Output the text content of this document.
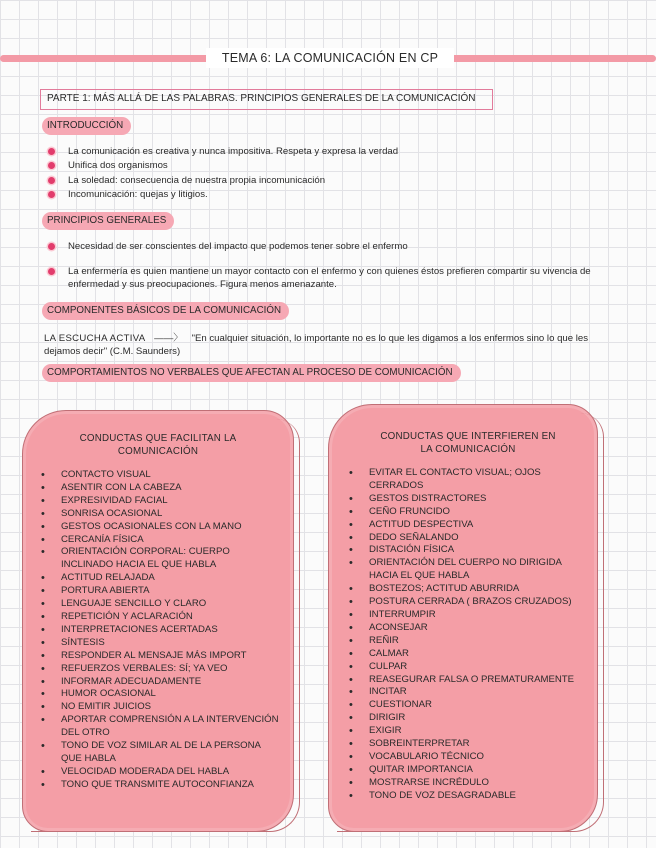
TEMA 6: LA COMUNICACIÓN EN CP
PARTE 1: MÁS ALLÁ DE LAS PALABRAS. PRINCIPIOS GENERALES DE LA COMUNICACIÓN
INTRODUCCIÓN
La comunicación es creativa y nunca impositiva. Respeta y expresa la verdad
Unifica dos organismos
La soledad: consecuencia de nuestra propia incomunicación
Incomunicación: quejas y litigios.
PRINCIPIOS GENERALES
Necesidad de ser conscientes del impacto que podemos tener sobre el enfermo
La enfermería es quien mantiene un mayor contacto con el enfermo y con quienes éstos prefieren compartir su vivencia de enfermedad y sus preocupaciones. Figura menos amenazante.
COMPONENTES BÁSICOS DE LA COMUNICACIÓN
LA ESCUCHA ACTIVA ——〉 "En cualquier situación, lo importante no es lo que les digamos a los enfermos sino lo que les dejamos decir" (C.M. Saunders)
COMPORTAMIENTOS NO VERBALES QUE AFECTAN AL PROCESO DE COMUNICACIÓN
CONDUCTAS QUE FACILITAN LA COMUNICACIÓN
• CONTACTO VISUAL
• ASENTIR CON LA CABEZA
• EXPRESIVIDAD FACIAL
• SONRISA OCASIONAL
• GESTOS OCASIONALES CON LA MANO
• CERCANÍA FÍSICA
• ORIENTACIÓN CORPORAL: CUERPO INCLINADO HACIA EL QUE HABLA
• ACTITUD RELAJADA
• PORTURA ABIERTA
• LENGUAJE SENCILLO Y CLARO
• REPETICIÓN Y ACLARACIÓN
• INTERPRETACIONES ACERTADAS
• SÍNTESIS
• RESPONDER AL MENSAJE MÁS IMPORT
• REFUERZOS VERBALES: SÍ; YA VEO
• INFORMAR ADECUADAMENTE
• HUMOR OCASIONAL
• NO EMITIR JUICIOS
• APORTAR COMPRENSIÓN A LA INTERVENCIÓN DEL OTRO
• TONO DE VOZ SIMILAR AL DE LA PERSONA QUE HABLA
• VELOCIDAD MODERADA DEL HABLA
• TONO QUE TRANSMITE AUTOCONFIANZA
CONDUCTAS QUE INTERFIEREN EN LA COMUNICACIÓN
• EVITAR EL CONTACTO VISUAL; OJOS CERRADOS
• GESTOS DISTRACTORES
• CEÑO FRUNCIDO
• ACTITUD DESPECTIVA
• DEDO SEÑALANDO
• DISTACIÓN FÍSICA
• ORIENTACIÓN DEL CUERPO NO DIRIGIDA HACIA EL QUE HABLA
• BOSTEZOS; ACTITUD ABURRIDA
• POSTURA CERRADA ( BRAZOS CRUZADOS)
• INTERRUMPIR
• ACONSEJAR
• REÑIR
• CALMAR
• CULPAR
• REASEGURAR FALSA O PREMATURAMENTE
• INCITAR
• CUESTIONAR
• DIRIGIR
• EXIGIR
• SOBREINTERPRETAR
• VOCABULARIO TÉCNICO
• QUITAR IMPORTANCIA
• MOSTRARSE INCRÉDULO
• TONO DE VOZ DESAGRADABLE
